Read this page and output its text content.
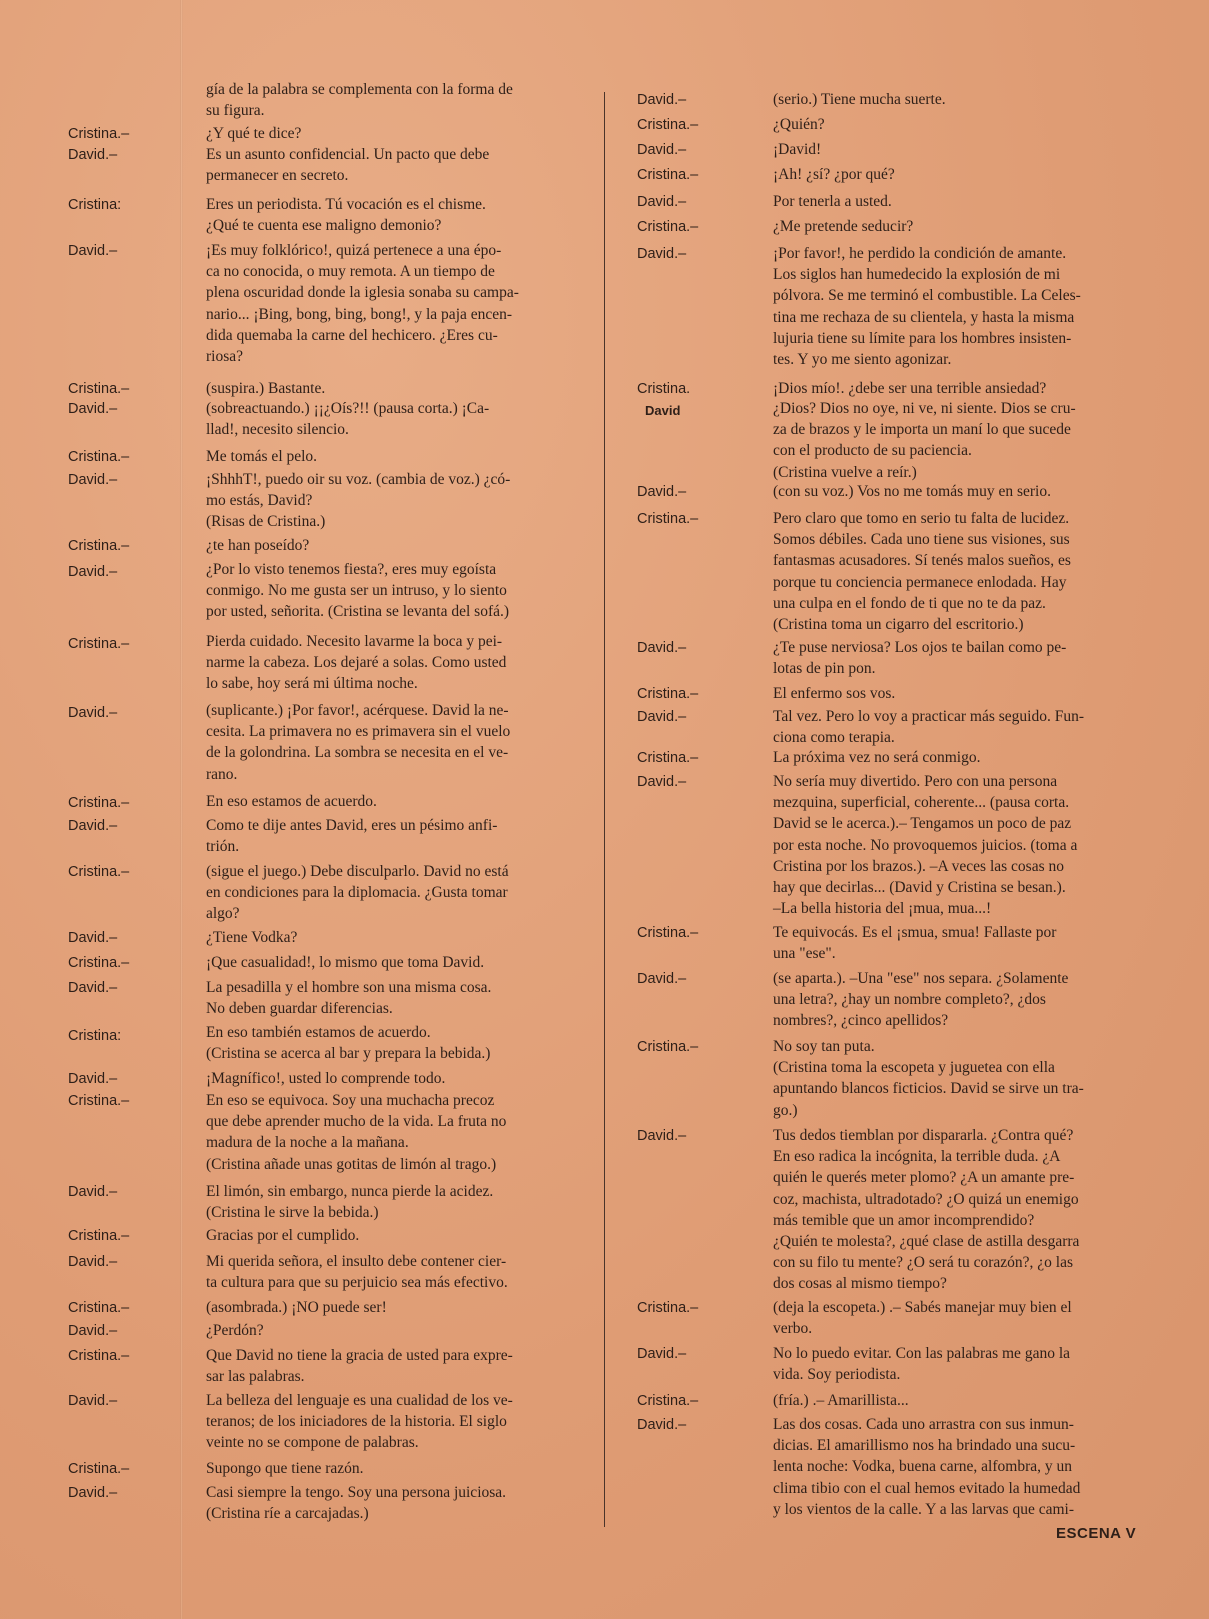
gía de la palabra se complementa con la forma de
su figura.
Cristina.–	¿Y qué te dice?
David.–	Es un asunto confidencial. Un pacto que debe
permanecer en secreto.
Cristina:	Eres un periodista. Tú vocación es el chisme.
¿Qué te cuenta ese maligno demonio?
David.–	¡Es muy folklórico!, quizá pertenece a una épo-
ca no conocida, o muy remota. A un tiempo de
plena oscuridad donde la iglesia sonaba su campa-
nario... ¡Bing, bong, bing, bong!, y la paja encen-
dida quemaba la carne del hechicero. ¿Eres cu-
riosa?
Cristina.–	(suspira.) Bastante.
David.–	(sobreactuando.) ¡¡¿Oís?!! (pausa corta.) ¡Ca-
llad!, necesito silencio.
Cristina.–	Me tomás el pelo.
David.–	¡ShhhT!, puedo oir su voz. (cambia de voz.) ¿có-
mo estás, David?
(Risas de Cristina.)
Cristina.–	¿te han poseído?
David.–	¿Por lo visto tenemos fiesta?, eres muy egoísta
conmigo. No me gusta ser un intruso, y lo siento
por usted, señorita. (Cristina se levanta del sofá.)
Cristina.–	Pierda cuidado. Necesito lavarme la boca y pei-
narme la cabeza. Los dejaré a solas. Como usted
lo sabe, hoy será mi última noche.
David.–	(suplicante.) ¡Por favor!, acérquese. David la ne-
cesita. La primavera no es primavera sin el vuelo
de la golondrina. La sombra se necesita en el ve-
rano.
Cristina.–	En eso estamos de acuerdo.
David.–	Como te dije antes David, eres un pésimo anfi-
trión.
Cristina.–	(sigue el juego.) Debe disculparlo. David no está
en condiciones para la diplomacia. ¿Gusta tomar
algo?
David.–	¿Tiene Vodka?
Cristina.–	¡Que casualidad!, lo mismo que toma David.
David.–	La pesadilla y el hombre son una misma cosa.
No deben guardar diferencias.
Cristina:	En eso también estamos de acuerdo.
(Cristina se acerca al bar y prepara la bebida.)
David.–	¡Magnífico!, usted lo comprende todo.
Cristina.–	En eso se equivoca. Soy una muchacha precoz
que debe aprender mucho de la vida. La fruta no
madura de la noche a la mañana.
(Cristina añade unas gotitas de limón al trago.)
David.–	El limón, sin embargo, nunca pierde la acidez.
(Cristina le sirve la bebida.)
Cristina.–	Gracias por el cumplido.
David.–	Mi querida señora, el insulto debe contener cier-
ta cultura para que su perjuicio sea más efectivo.
Cristina.–	(asombrada.) ¡NO puede ser!
David.–	¿Perdón?
Cristina.–	Que David no tiene la gracia de usted para expre-
sar las palabras.
David.–	La belleza del lenguaje es una cualidad de los ve-
teranos; de los iniciadores de la historia. El siglo
veinte no se compone de palabras.
Cristina.–	Supongo que tiene razón.
David.–	Casi siempre la tengo. Soy una persona juiciosa.
(Cristina ríe a carcajadas.)
David.–	(serio.) Tiene mucha suerte.
Cristina.–	¿Quién?
David.–	¡David!
Cristina.–	¡Ah! ¿sí? ¿por qué?
David.–	Por tenerla a usted.
Cristina.–	¿Me pretende seducir?
David.–	¡Por favor!, he perdido la condición de amante.
Los siglos han humedecido la explosión de mi
pólvora. Se me terminó el combustible. La Celes-
tina me rechaza de su clientela, y hasta la misma
lujuria tiene su límite para los hombres insisten-
tes. Y yo me siento agonizar.
Cristina.	¡Dios mío!. ¿debe ser una terrible ansiedad?
David	¿Dios? Dios no oye, ni ve, ni siente. Dios se cru-
za de brazos y le importa un maní lo que sucede
con el producto de su paciencia.
(Cristina vuelve a reír.)
David.–	(con su voz.) Vos no me tomás muy en serio.
Cristina.–	Pero claro que tomo en serio tu falta de lucidez.
Somos débiles. Cada uno tiene sus visiones, sus
fantasmas acusadores. Sí tenés malos sueños, es
porque tu conciencia permanece enlodada. Hay
una culpa en el fondo de ti que no te da paz.
(Cristina toma un cigarro del escritorio.)
David.–	¿Te puse nerviosa? Los ojos te bailan como pe-
lotas de pin pon.
Cristina.–	El enfermo sos vos.
David.–	Tal vez. Pero lo voy a practicar más seguido. Fun-
ciona como terapia.
Cristina.–	La próxima vez no será conmigo.
David.–	No sería muy divertido. Pero con una persona
mezquina, superficial, coherente... (pausa corta.
David se le acerca.).– Tengamos un poco de paz
por esta noche. No provoquemos juicios. (toma a
Cristina por los brazos.). –A veces las cosas no
hay que decirlas... (David y Cristina se besan.).
–La bella historia del ¡mua, mua...!
Cristina.–	Te equivocás. Es el ¡smua, smua! Fallaste por
una "ese".
David.–	(se aparta.). –Una "ese" nos separa. ¿Solamente
una letra?, ¿hay un nombre completo?, ¿dos
nombres?, ¿cinco apellidos?
Cristina.–	No soy tan puta.
(Cristina toma la escopeta y juguetea con ella
apuntando blancos ficticios. David se sirve un tra-
go.)
David.–	Tus dedos tiemblan por dispararla. ¿Contra qué?
En eso radica la incógnita, la terrible duda. ¿A
quién le querés meter plomo? ¿A un amante pre-
coz, machista, ultradotado? ¿O quizá un enemigo
más temible que un amor incomprendido?
¿Quién te molesta?, ¿qué clase de astilla desgarra
con su filo tu mente? ¿O será tu corazón?, ¿o las
dos cosas al mismo tiempo?
Cristina.–	(deja la escopeta.) .– Sabés manejar muy bien el
verbo.
David.–	No lo puedo evitar. Con las palabras me gano la
vida. Soy periodista.
Cristina.–	(fría.) .– Amarillista...
David.–	Las dos cosas. Cada uno arrastra con sus inmun-
dicias. El amarillismo nos ha brindado una sucu-
lenta noche: Vodka, buena carne, alfombra, y un
clima tibio con el cual hemos evitado la humedad
y los vientos de la calle. Y a las larvas que cami-
ESCENA V
